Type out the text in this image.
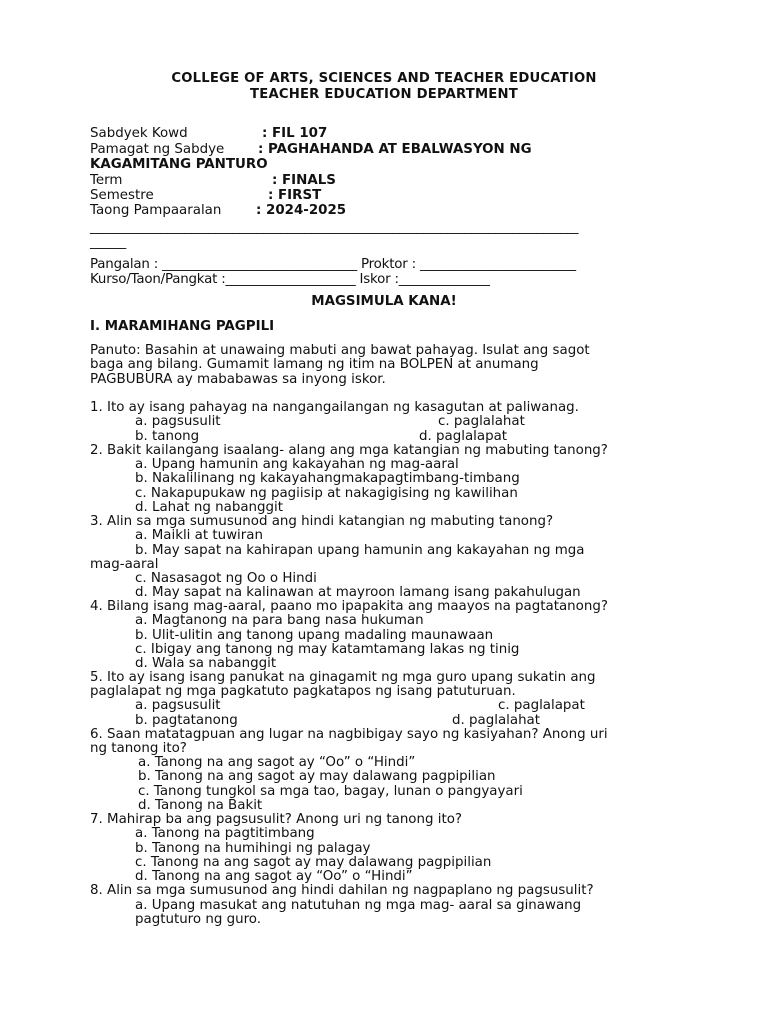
COLLEGE OF ARTS, SCIENCES AND TEACHER EDUCATION
TEACHER EDUCATION DEPARTMENT
Sabdyek Kowd	: FIL 107
Pamagat ng Sabdye	: PAGHAHANDA AT EBALWASYON NG
KAGAMITANG PANTURO
Term	: FINALS
Semestre	: FIRST
Taong Pampaaralan	: 2024-2025
__________________________________________________________________________________
______
Pangalan : ______________________________ Proktor : ________________________
Kurso/Taon/Pangkat :____________________ Iskor :______________
MAGSIMULA KANA!
I. MARAMIHANG PAGPILI
Panuto: Basahin at unawaing mabuti ang bawat pahayag. Isulat ang sagot
baga ang bilang. Gumamit lamang ng itim na BOLPEN at anumang
PAGBUBURA ay mababawas sa inyong iskor.
1. Ito ay isang pahayag na nangangailangan ng kasagutan at paliwanag.
a. pagsusulit	c. paglalahat
b. tanong	d. paglalapat
2. Bakit kailangang isaalang- alang ang mga katangian ng mabuting tanong?
a. Upang hamunin ang kakayahan ng mag-aaral
b. Nakalilinang ng kakayahangmakapagtimbang-timbang
c. Nakapupukaw ng pagiisip at nakagigising ng kawilihan
d. Lahat ng nabanggit
3. Alin sa mga sumusunod ang hindi katangian ng mabuting tanong?
a. Maikli at tuwiran
b. May sapat na kahirapan upang hamunin ang kakayahan ng mga
mag-aaral
c. Nasasagot ng Oo o Hindi
d. May sapat na kalinawan at mayroon lamang isang pakahulugan
4. Bilang isang mag-aaral, paano mo ipapakita ang maayos na pagtatanong?
a. Magtanong na para bang nasa hukuman
b. Ulit-ulitin ang tanong upang madaling maunawaan
c. Ibigay ang tanong ng may katamtamang lakas ng tinig
d. Wala sa nabanggit
5. Ito ay isang isang panukat na ginagamit ng mga guro upang sukatin ang
paglalapat ng mga pagkatuto pagkatapos ng isang patuturuan.
a. pagsusulit	c. paglalapat
b. pagtatanong	d. paglalahat
6. Saan matatagpuan ang lugar na nagbibigay sayo ng kasiyahan? Anong uri
ng tanong ito?
a. Tanong na ang sagot ay “Oo” o “Hindi”
b. Tanong na ang sagot ay may dalawang pagpipilian
c. Tanong tungkol sa mga tao, bagay, lunan o pangyayari
d. Tanong na Bakit
7. Mahirap ba ang pagsusulit? Anong uri ng tanong ito?
a. Tanong na pagtitimbang
b. Tanong na humihingi ng palagay
c. Tanong na ang sagot ay may dalawang pagpipilian
d. Tanong na ang sagot ay “Oo” o “Hindi”
8. Alin sa mga sumusunod ang hindi dahilan ng nagpaplano ng pagsusulit?
a. Upang masukat ang natutuhan ng mga mag- aaral sa ginawang
pagtuturo ng guro.
